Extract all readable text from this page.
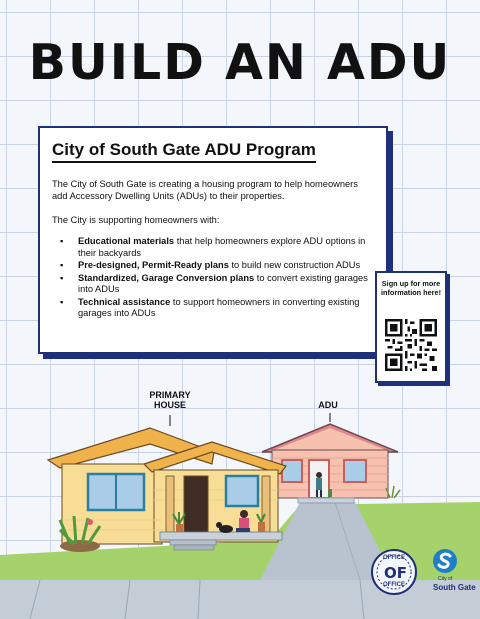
BUILD AN ADU
City of South Gate ADU Program

The City of South Gate is creating a housing program to help homeowners add Accessory Dwelling Units (ADUs) to their properties.

The City is supporting homeowners with:

▪ Educational materials that help homeowners explore ADU options in their backyards
▪ Pre-designed, Permit-Ready plans to build new construction ADUs
▪ Standardized, Garage Conversion plans to convert existing garages into ADUs
▪ Technical assistance to support homeowners in converting existing garages into ADUs
Sign up for more information here!
PRIMARY
HOUSE	ADU
OFFICE
OF
OFFICE
City of
South Gate
